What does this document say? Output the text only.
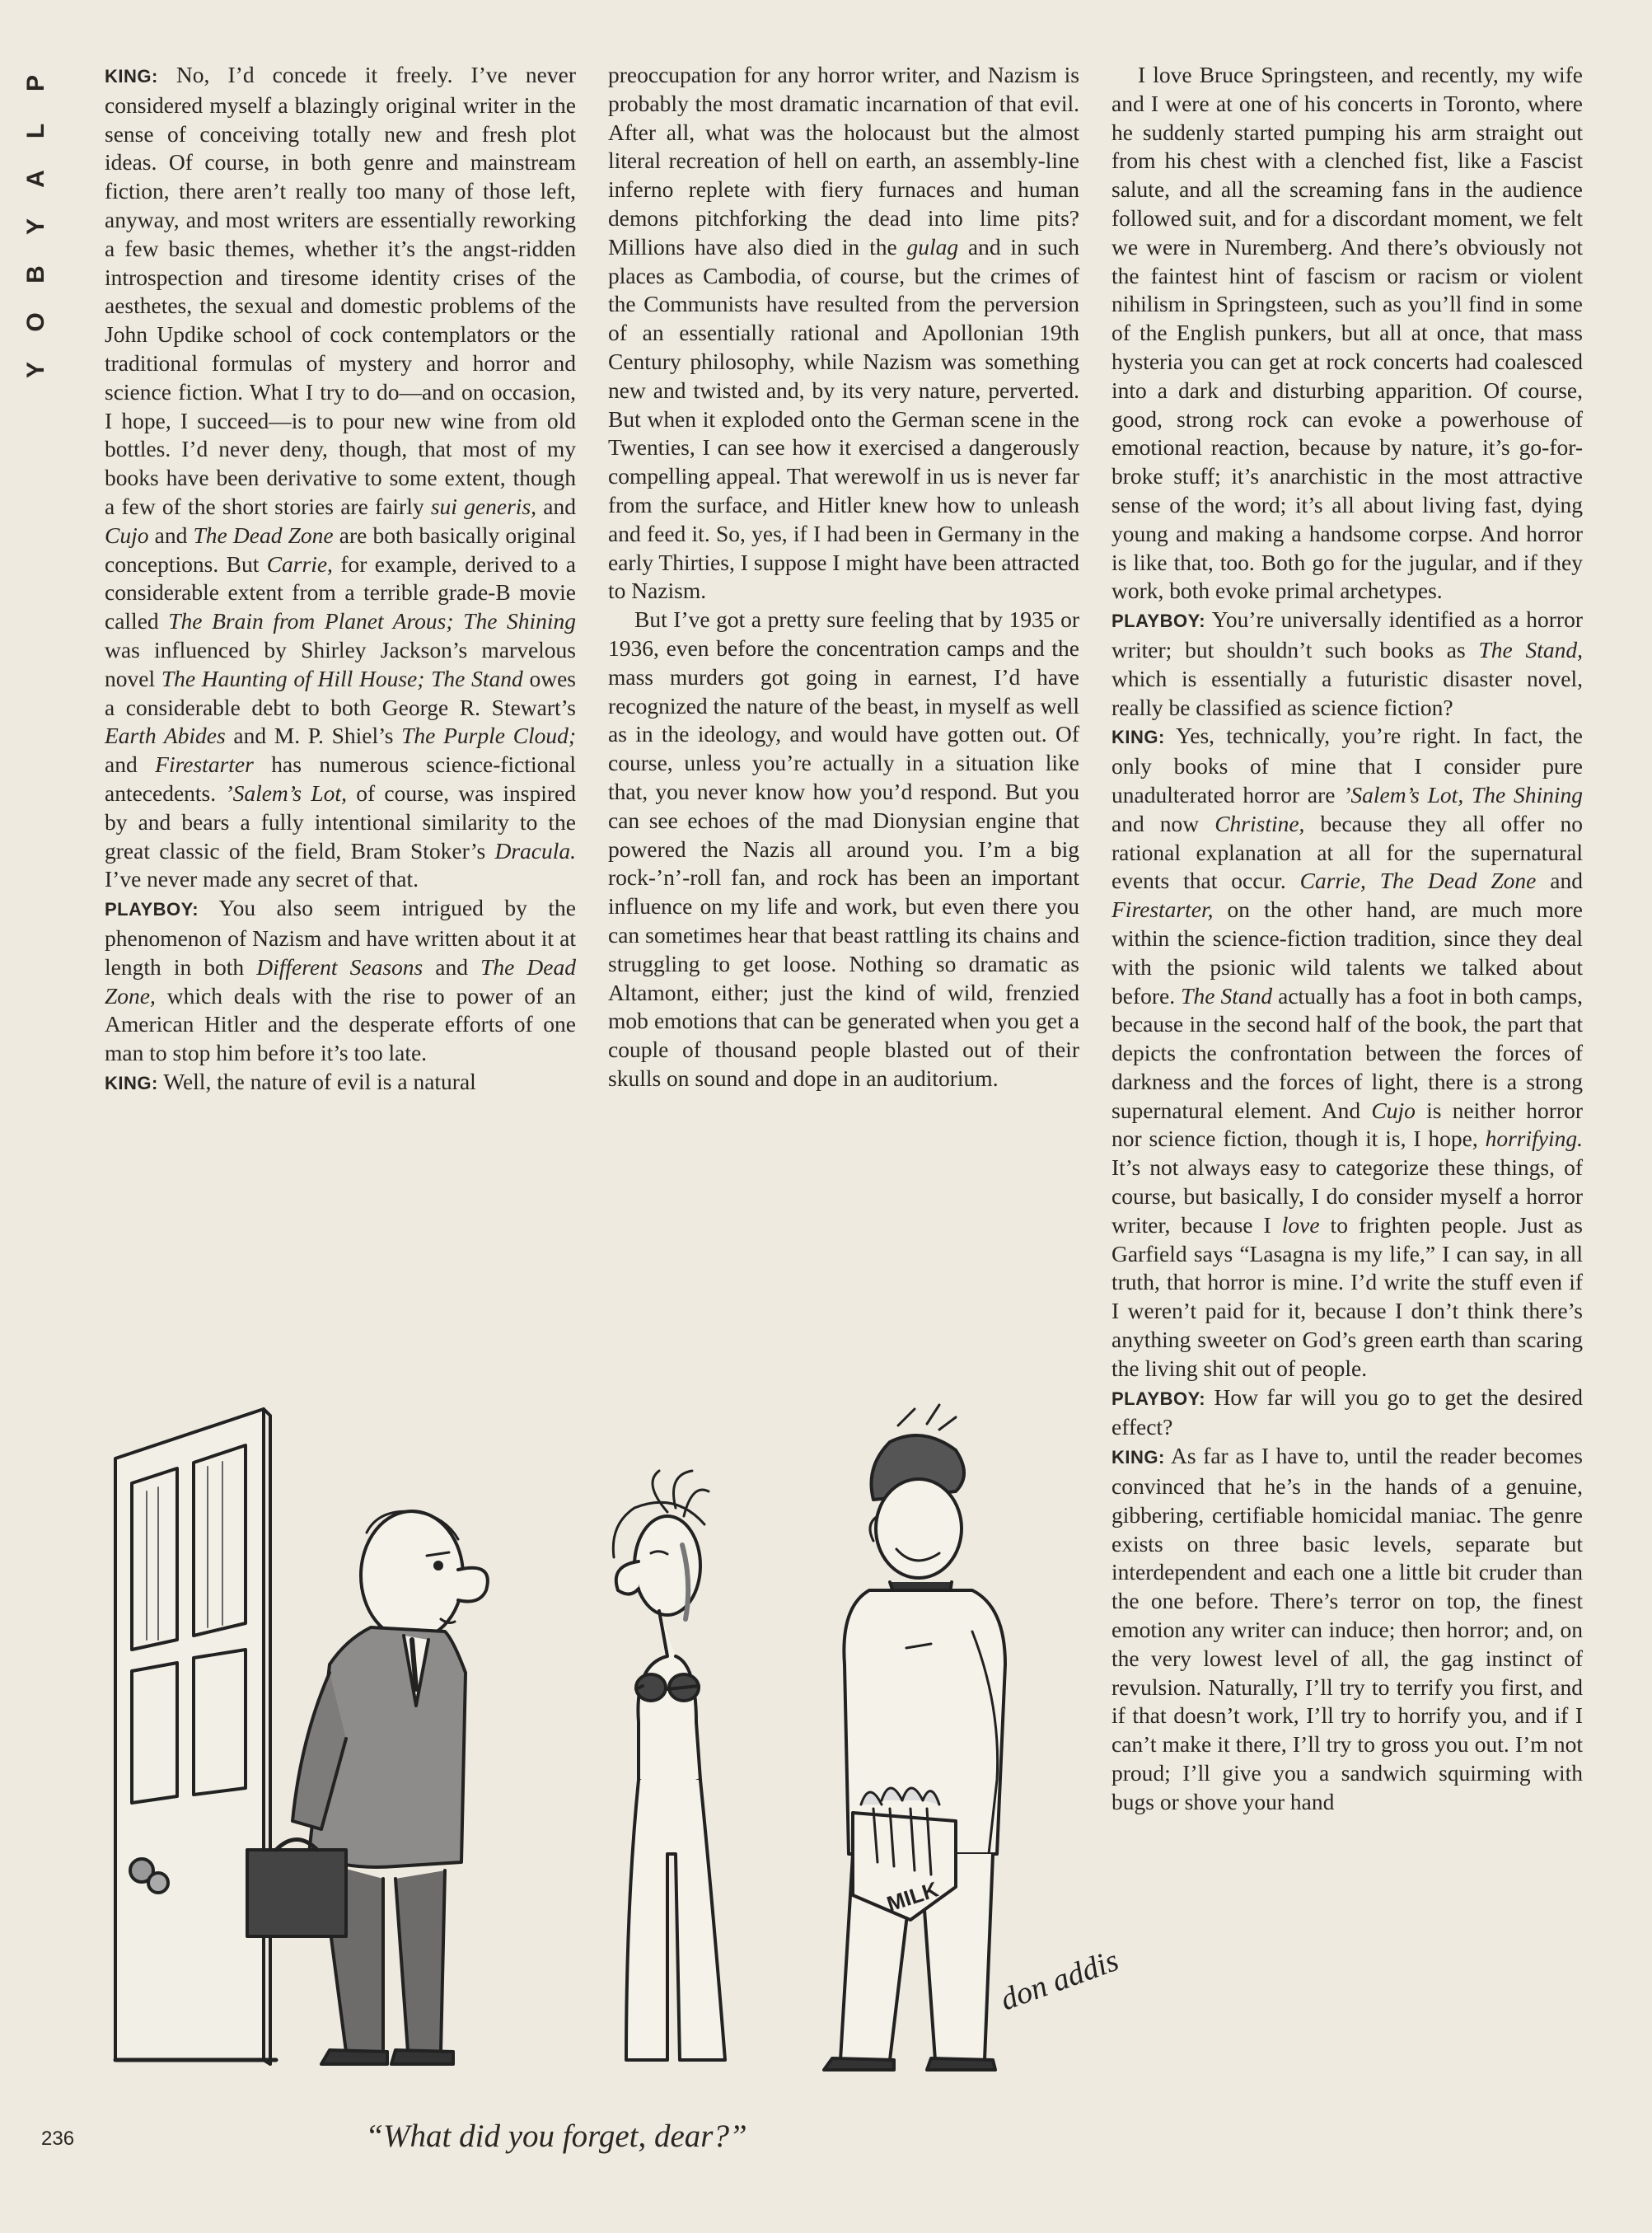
P
L
A
Y
B
O
Y

KING: No, I’d concede it freely. I’ve never considered myself a blazingly original writer in the sense of conceiving totally new and fresh plot ideas. Of course, in both genre and mainstream fiction, there aren’t really too many of those left, anyway, and most writers are essentially reworking a few basic themes, whether it’s the angst-ridden introspection and tiresome identity crises of the aesthetes, the sexual and domestic problems of the John Updike school of cock contemplators or the traditional formulas of mystery and horror and science fiction. What I try to do—and on occasion, I hope, I succeed—is to pour new wine from old bottles. I’d never deny, though, that most of my books have been derivative to some extent, though a few of the short stories are fairly sui generis, and Cujo and The Dead Zone are both basically original conceptions. But Carrie, for example, derived to a considerable extent from a terrible grade-B movie called The Brain from Planet Arous; The Shining was influenced by Shirley Jackson’s marvelous novel The Haunting of Hill House; The Stand owes a considerable debt to both George R. Stewart’s Earth Abides and M. P. Shiel’s The Purple Cloud; and Firestarter has numerous science-fictional antecedents. ’Salem’s Lot, of course, was inspired by and bears a fully intentional similarity to the great classic of the field, Bram Stoker’s Dracula. I’ve never made any secret of that.

PLAYBOY: You also seem intrigued by the phenomenon of Nazism and have written about it at length in both Different Seasons and The Dead Zone, which deals with the rise to power of an American Hitler and the desperate efforts of one man to stop him before it’s too late.

KING: Well, the nature of evil is a natural

preoccupation for any horror writer, and Nazism is probably the most dramatic incarnation of that evil. After all, what was the holocaust but the almost literal recreation of hell on earth, an assembly-line inferno replete with fiery furnaces and human demons pitchforking the dead into lime pits? Millions have also died in the gulag and in such places as Cambodia, of course, but the crimes of the Communists have resulted from the perversion of an essentially rational and Apollonian 19th Century philosophy, while Nazism was something new and twisted and, by its very nature, perverted. But when it exploded onto the German scene in the Twenties, I can see how it exercised a dangerously compelling appeal. That werewolf in us is never far from the surface, and Hitler knew how to unleash and feed it. So, yes, if I had been in Germany in the early Thirties, I suppose I might have been attracted to Nazism.

But I’ve got a pretty sure feeling that by 1935 or 1936, even before the concentration camps and the mass murders got going in earnest, I’d have recognized the nature of the beast, in myself as well as in the ideology, and would have gotten out. Of course, unless you’re actually in a situation like that, you never know how you’d respond. But you can see echoes of the mad Dionysian engine that powered the Nazis all around you. I’m a big rock-’n’-roll fan, and rock has been an important influence on my life and work, but even there you can sometimes hear that beast rattling its chains and struggling to get loose. Nothing so dramatic as Altamont, either; just the kind of wild, frenzied mob emotions that can be generated when you get a couple of thousand people blasted out of their skulls on sound and dope in an auditorium.

I love Bruce Springsteen, and recently, my wife and I were at one of his concerts in Toronto, where he suddenly started pumping his arm straight out from his chest with a clenched fist, like a Fascist salute, and all the screaming fans in the audience followed suit, and for a discordant moment, we felt we were in Nuremberg. And there’s obviously not the faintest hint of fascism or racism or violent nihilism in Springsteen, such as you’ll find in some of the English punkers, but all at once, that mass hysteria you can get at rock concerts had coalesced into a dark and disturbing apparition. Of course, good, strong rock can evoke a powerhouse of emotional reaction, because by nature, it’s go-for-broke stuff; it’s anarchistic in the most attractive sense of the word; it’s all about living fast, dying young and making a handsome corpse. And horror is like that, too. Both go for the jugular, and if they work, both evoke primal archetypes.

PLAYBOY: You’re universally identified as a horror writer; but shouldn’t such books as The Stand, which is essentially a futuristic disaster novel, really be classified as science fiction?

KING: Yes, technically, you’re right. In fact, the only books of mine that I consider pure unadulterated horror are ’Salem’s Lot, The Shining and now Christine, because they all offer no rational explanation at all for the supernatural events that occur. Carrie, The Dead Zone and Firestarter, on the other hand, are much more within the science-fiction tradition, since they deal with the psionic wild talents we talked about before. The Stand actually has a foot in both camps, because in the second half of the book, the part that depicts the confrontation between the forces of darkness and the forces of light, there is a strong supernatural element. And Cujo is neither horror nor science fiction, though it is, I hope, horrifying. It’s not always easy to categorize these things, of course, but basically, I do consider myself a horror writer, because I love to frighten people. Just as Garfield says “Lasagna is my life,” I can say, in all truth, that horror is mine. I’d write the stuff even if I weren’t paid for it, because I don’t think there’s anything sweeter on God’s green earth than scaring the living shit out of people.

PLAYBOY: How far will you go to get the desired effect?

KING: As far as I have to, until the reader becomes convinced that he’s in the hands of a genuine, gibbering, certifiable homicidal maniac. The genre exists on three basic levels, separate but interdependent and each one a little bit cruder than the one before. There’s terror on top, the finest emotion any writer can induce; then horror; and, on the very lowest level of all, the gag instinct of revulsion. Naturally, I’ll try to terrify you first, and if that doesn’t work, I’ll try to horrify you, and if I can’t make it there, I’ll try to gross you out. I’m not proud; I’ll give you a sandwich squirming with bugs or shove your hand

MILK
don addis
“What did you forget, dear?”
236
